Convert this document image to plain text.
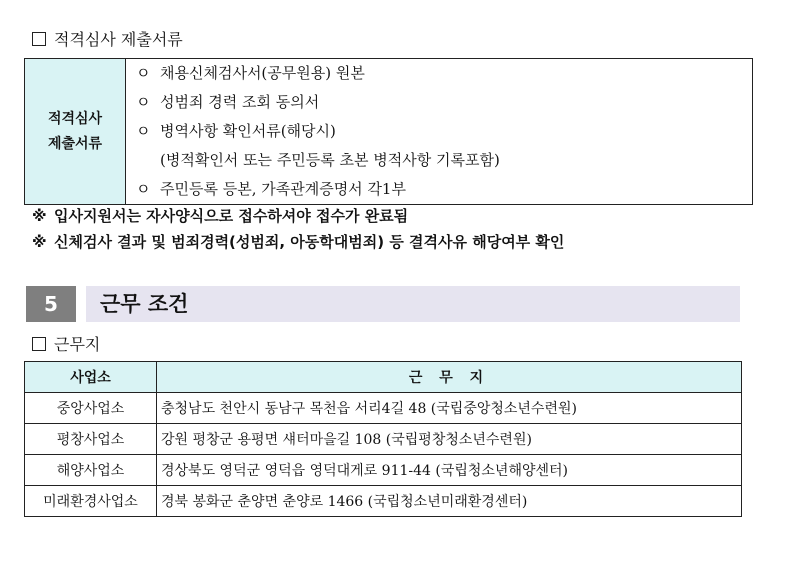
적격심사 제출서류
적격심사
제출서류

ㅇ 채용신체검사서(공무원용) 원본
ㅇ 성범죄 경력 조회 동의서
ㅇ 병역사항 확인서류(해당시)
(병적확인서 또는 주민등록 초본 병적사항 기록포함)
ㅇ 주민등록 등본, 가족관계증명서 각1부
※ 입사지원서는 자사양식으로 접수하셔야 접수가 완료됨
※ 신체검사 결과 및 범죄경력(성범죄, 아동학대범죄) 등 결격사유 해당여부 확인
5	근무 조건
근무지
사업소	근 무 지
중앙사업소	충청남도 천안시 동남구 목천읍 서리4길 48 (국립중앙청소년수련원)
평창사업소	강원 평창군 용평면 섀터마을길 108 (국립평창청소년수련원)
해양사업소	경상북도 영덕군 영덕읍 영덕대게로 911-44 (국립청소년해양센터)
미래환경사업소	경북 봉화군 춘양면 춘양로 1466 (국립청소년미래환경센터)
